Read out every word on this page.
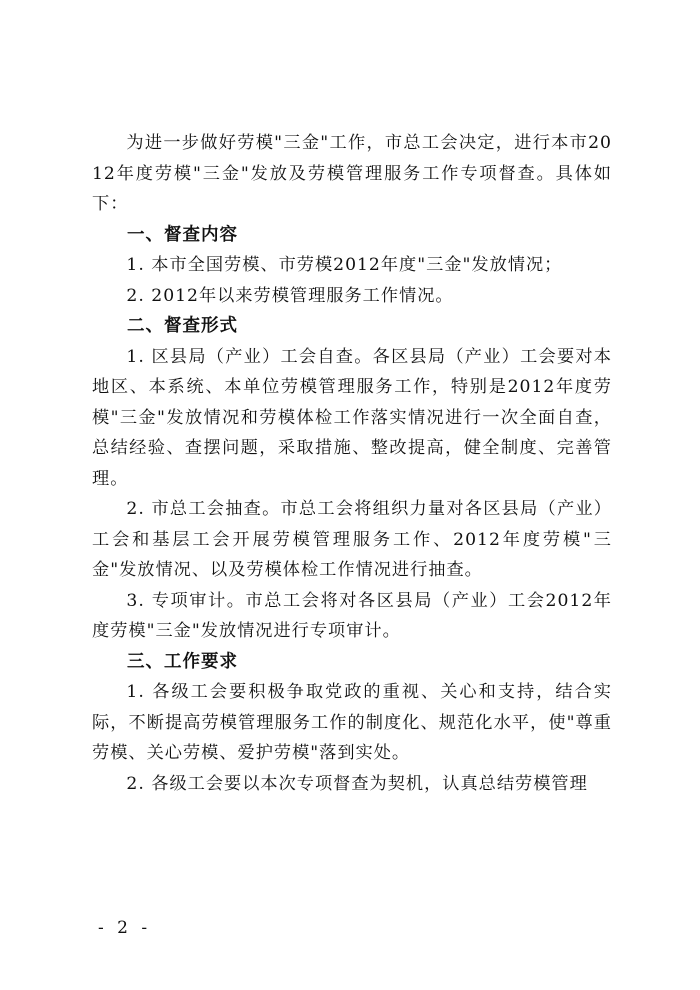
为进一步做好劳模"三金"工作，市总工会决定，进行本市2012年度劳模"三金"发放及劳模管理服务工作专项督查。具体如下：

一、督查内容

1. 本市全国劳模、市劳模2012年度"三金"发放情况；

2. 2012年以来劳模管理服务工作情况。

二、督查形式

1. 区县局（产业）工会自查。各区县局（产业）工会要对本地区、本系统、本单位劳模管理服务工作，特别是2012年度劳模"三金"发放情况和劳模体检工作落实情况进行一次全面自查，总结经验、查摆问题，采取措施、整改提高，健全制度、完善管理。

2. 市总工会抽查。市总工会将组织力量对各区县局（产业）工会和基层工会开展劳模管理服务工作、2012年度劳模"三金"发放情况、以及劳模体检工作情况进行抽查。

3. 专项审计。市总工会将对各区县局（产业）工会2012年度劳模"三金"发放情况进行专项审计。

三、工作要求

1. 各级工会要积极争取党政的重视、关心和支持，结合实际，不断提高劳模管理服务工作的制度化、规范化水平，使"尊重劳模、关心劳模、爱护劳模"落到实处。

2. 各级工会要以本次专项督查为契机，认真总结劳模管理

- 2 -
